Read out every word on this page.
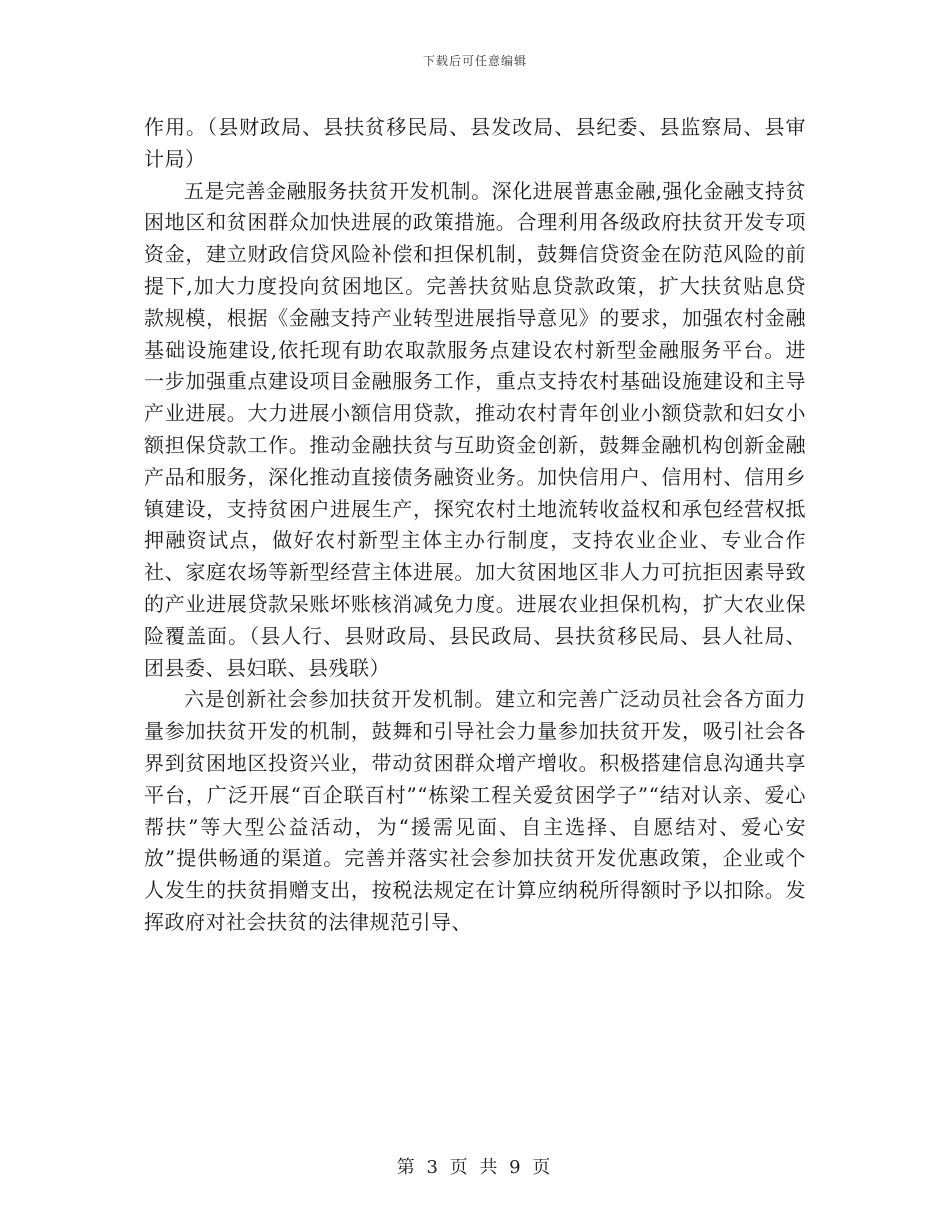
下载后可任意编辑

作用。（县财政局、县扶贫移民局、县发改局、县纪委、县监察局、县审计局）

五是完善金融服务扶贫开发机制。深化进展普惠金融,强化金融支持贫困地区和贫困群众加快进展的政策措施。合理利用各级政府扶贫开发专项资金，建立财政信贷风险补偿和担保机制，鼓舞信贷资金在防范风险的前提下,加大力度投向贫困地区。完善扶贫贴息贷款政策，扩大扶贫贴息贷款规模，根据《金融支持产业转型进展指导意见》的要求，加强农村金融基础设施建设,依托现有助农取款服务点建设农村新型金融服务平台。进一步加强重点建设项目金融服务工作，重点支持农村基础设施建设和主导产业进展。大力进展小额信用贷款，推动农村青年创业小额贷款和妇女小额担保贷款工作。推动金融扶贫与互助资金创新，鼓舞金融机构创新金融产品和服务，深化推动直接债务融资业务。加快信用户、信用村、信用乡镇建设，支持贫困户进展生产，探究农村土地流转收益权和承包经营权抵押融资试点，做好农村新型主体主办行制度，支持农业企业、专业合作社、家庭农场等新型经营主体进展。加大贫困地区非人力可抗拒因素导致的产业进展贷款呆账坏账核消减免力度。进展农业担保机构，扩大农业保险覆盖面。（县人行、县财政局、县民政局、县扶贫移民局、县人社局、团县委、县妇联、县残联）

六是创新社会参加扶贫开发机制。建立和完善广泛动员社会各方面力量参加扶贫开发的机制，鼓舞和引导社会力量参加扶贫开发，吸引社会各界到贫困地区投资兴业，带动贫困群众增产增收。积极搭建信息沟通共享平台，广泛开展“百企联百村”“栋梁工程关爱贫困学子”“结对认亲、爱心帮扶”等大型公益活动，为“援需见面、自主选择、自愿结对、爱心安放”提供畅通的渠道。完善并落实社会参加扶贫开发优惠政策，企业或个人发生的扶贫捐赠支出，按税法规定在计算应纳税所得额时予以扣除。发挥政府对社会扶贫的法律规范引导、

第 3 页 共 9 页
